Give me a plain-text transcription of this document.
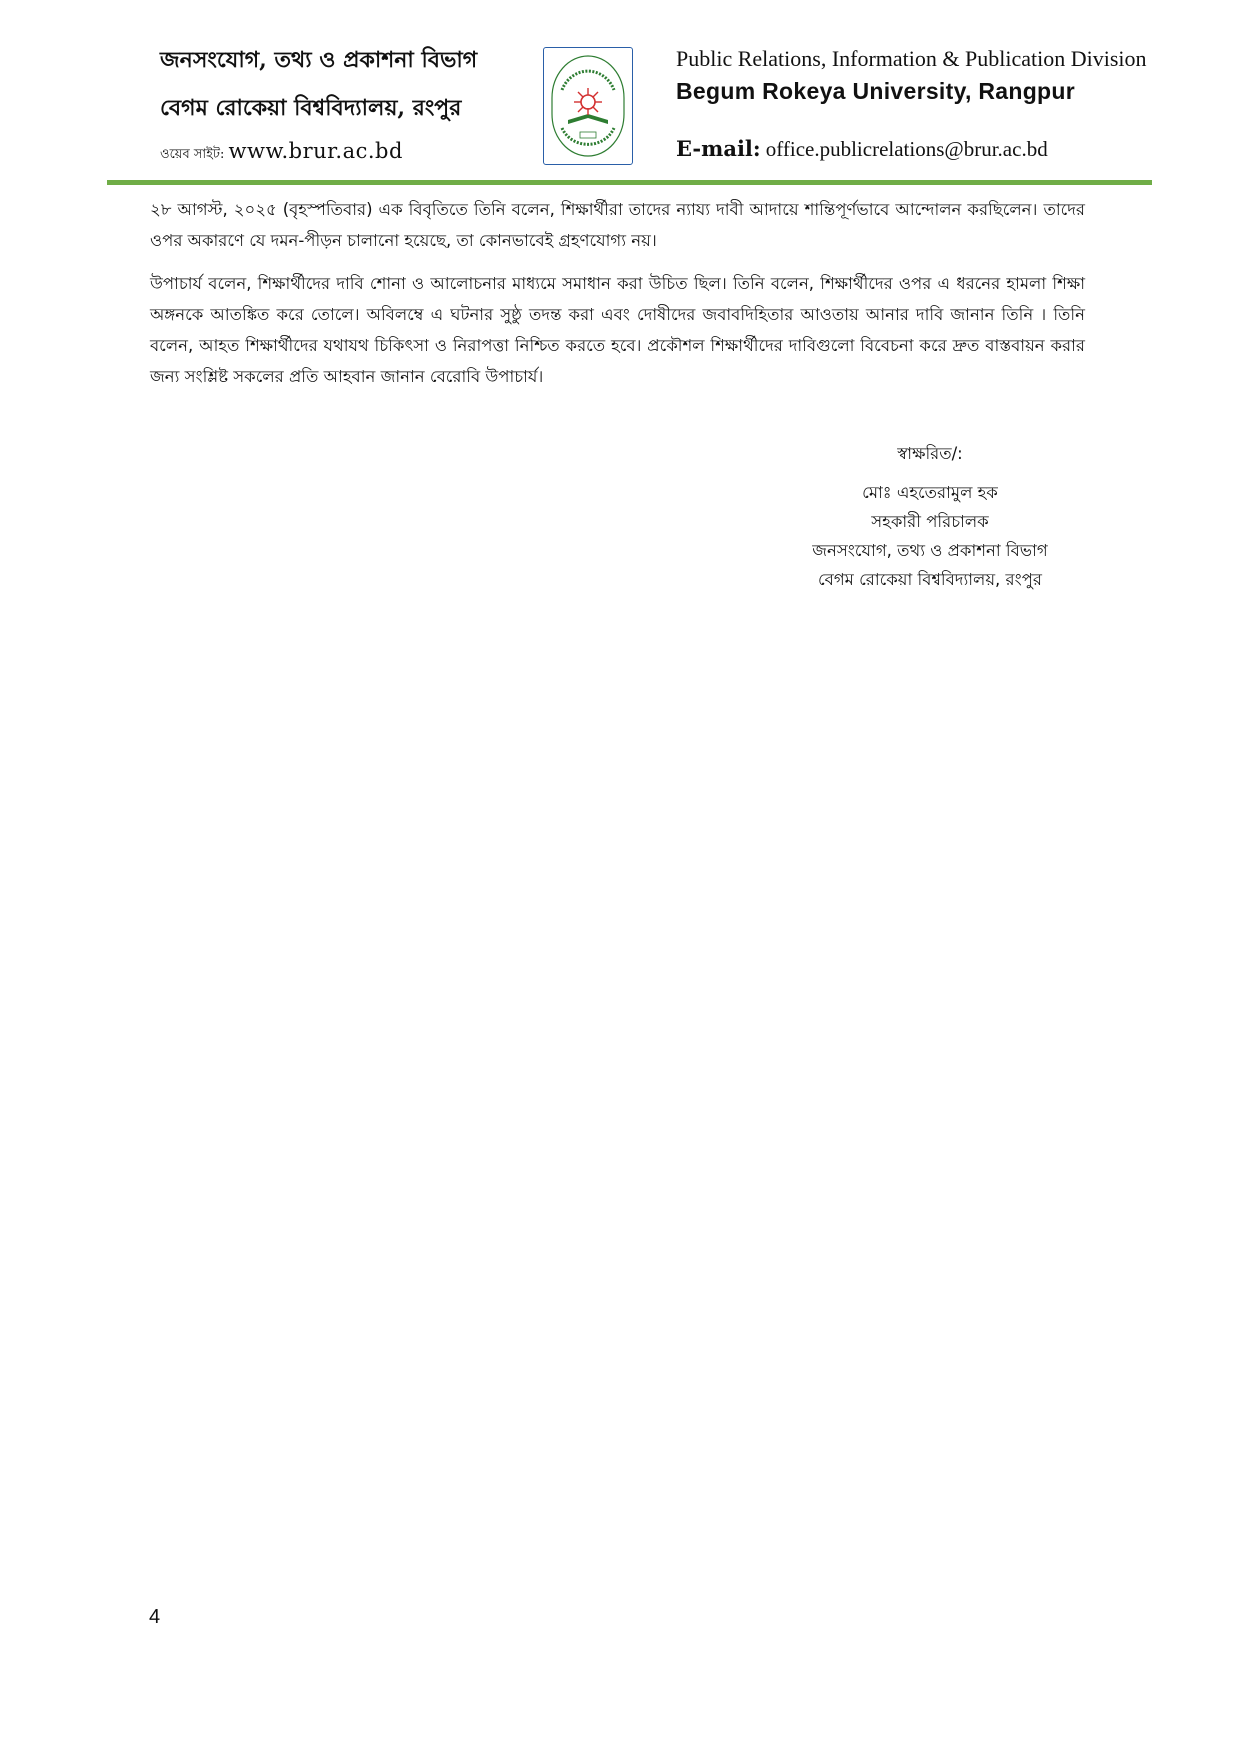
জনসংযোগ, তথ্য ও প্রকাশনা বিভাগ
বেগম রোকেয়া বিশ্ববিদ্যালয়, রংপুর
ওয়েব সাইট: www.brur.ac.bd
Public Relations, Information & Publication Division
Begum Rokeya University, Rangpur
E-mail: office.publicrelations@brur.ac.bd

২৮ আগস্ট, ২০২৫ (বৃহস্পতিবার) এক বিবৃতিতে তিনি বলেন, শিক্ষার্থীরা তাদের ন্যায্য দাবী আদায়ে শান্তিপূর্ণভাবে আন্দোলন করছিলেন। তাদের ওপর অকারণে যে দমন-পীড়ন চালানো হয়েছে, তা কোনভাবেই গ্রহণযোগ্য নয়।

উপাচার্য বলেন, শিক্ষার্থীদের দাবি শোনা ও আলোচনার মাধ্যমে সমাধান করা উচিত ছিল। তিনি বলেন, শিক্ষার্থীদের ওপর এ ধরনের হামলা শিক্ষা অঙ্গনকে আতঙ্কিত করে তোলে। অবিলম্বে এ ঘটনার সুষ্ঠু তদন্ত করা এবং দোষীদের জবাবদিহিতার আওতায় আনার দাবি জানান তিনি । তিনি বলেন, আহত শিক্ষার্থীদের যথাযথ চিকিৎসা ও নিরাপত্তা নিশ্চিত করতে হবে। প্রকৌশল শিক্ষার্থীদের দাবিগুলো বিবেচনা করে দ্রুত বাস্তবায়ন করার জন্য সংশ্লিষ্ট সকলের প্রতি আহবান জানান বেরোবি উপাচার্য।

স্বাক্ষরিত/:
মোঃ এহতেরামুল হক
সহকারী পরিচালক
জনসংযোগ, তথ্য ও প্রকাশনা বিভাগ
বেগম রোকেয়া বিশ্ববিদ্যালয়, রংপুর
4
